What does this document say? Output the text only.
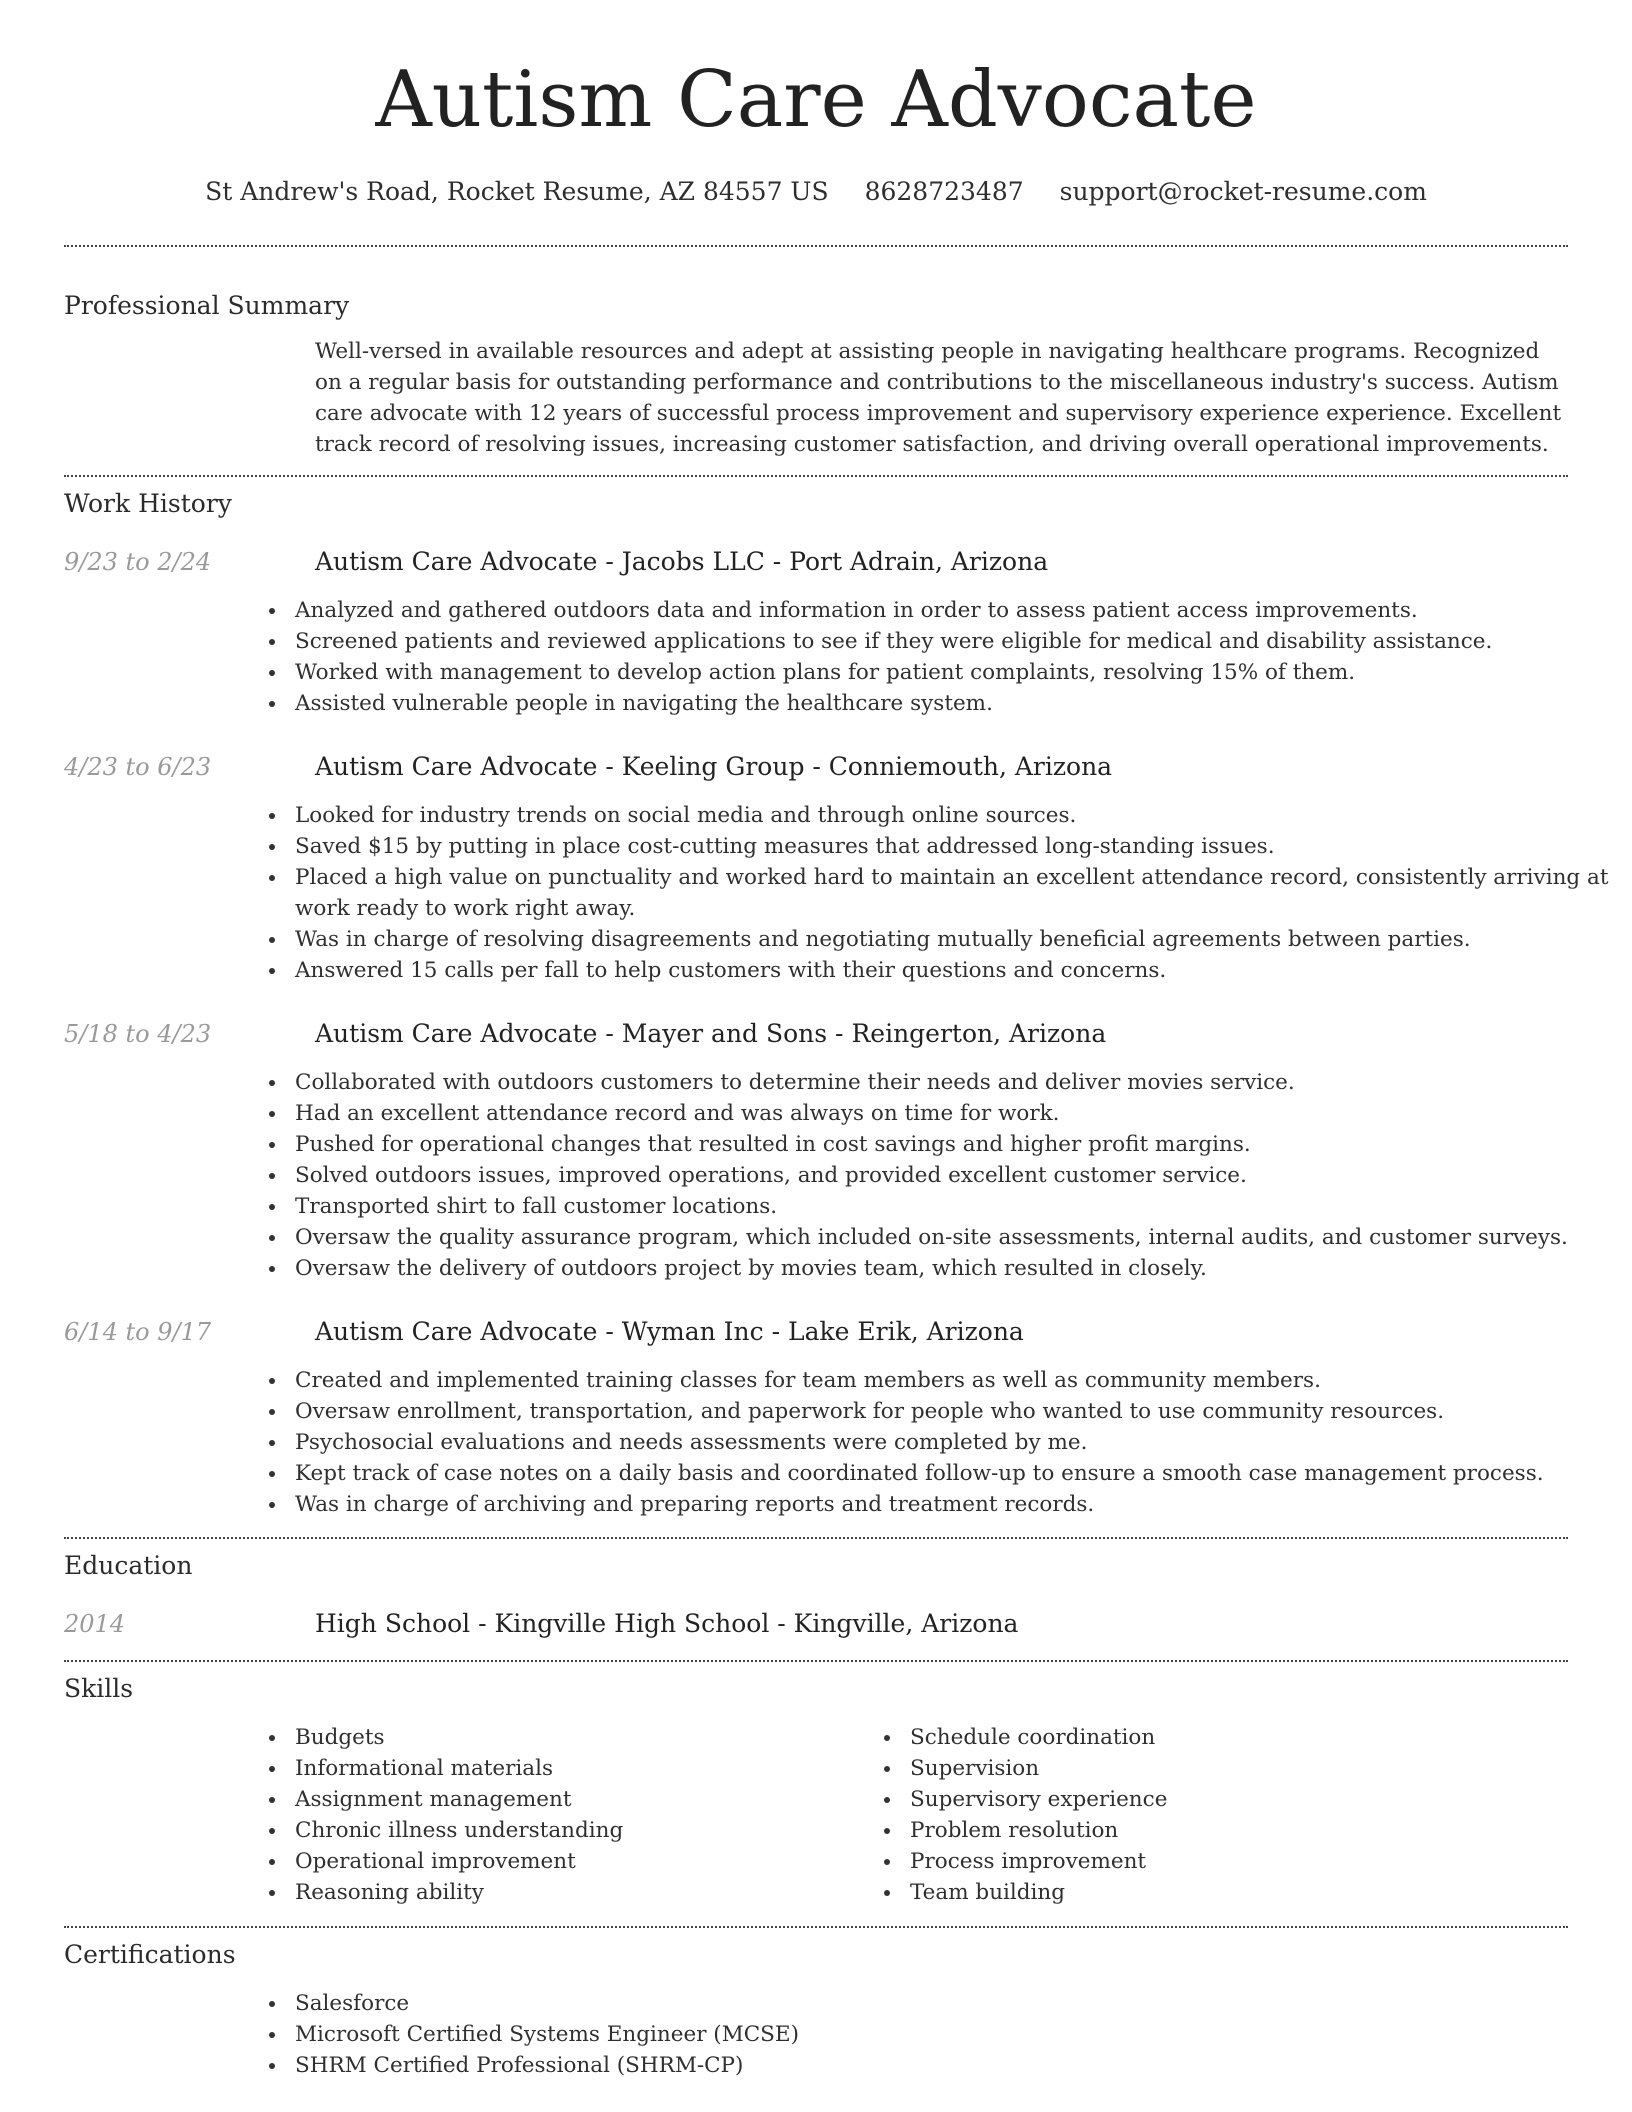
Autism Care Advocate
St Andrew's Road, Rocket Resume, AZ 84557 US 8628723487 support@rocket-resume.com
Professional Summary
Well-versed in available resources and adept at assisting people in navigating healthcare programs. Recognized on a regular basis for outstanding performance and contributions to the miscellaneous industry's success. Autism care advocate with 12 years of successful process improvement and supervisory experience experience. Excellent track record of resolving issues, increasing customer satisfaction, and driving overall operational improvements.
Work History
9/23 to 2/24	Autism Care Advocate - Jacobs LLC - Port Adrain, Arizona
Analyzed and gathered outdoors data and information in order to assess patient access improvements.
Screened patients and reviewed applications to see if they were eligible for medical and disability assistance.
Worked with management to develop action plans for patient complaints, resolving 15% of them.
Assisted vulnerable people in navigating the healthcare system.
4/23 to 6/23	Autism Care Advocate - Keeling Group - Conniemouth, Arizona
Looked for industry trends on social media and through online sources.
Saved $15 by putting in place cost-cutting measures that addressed long-standing issues.
Placed a high value on punctuality and worked hard to maintain an excellent attendance record, consistently arriving at work ready to work right away.
Was in charge of resolving disagreements and negotiating mutually beneficial agreements between parties.
Answered 15 calls per fall to help customers with their questions and concerns.
5/18 to 4/23	Autism Care Advocate - Mayer and Sons - Reingerton, Arizona
Collaborated with outdoors customers to determine their needs and deliver movies service.
Had an excellent attendance record and was always on time for work.
Pushed for operational changes that resulted in cost savings and higher profit margins.
Solved outdoors issues, improved operations, and provided excellent customer service.
Transported shirt to fall customer locations.
Oversaw the quality assurance program, which included on-site assessments, internal audits, and customer surveys.
Oversaw the delivery of outdoors project by movies team, which resulted in closely.
6/14 to 9/17	Autism Care Advocate - Wyman Inc - Lake Erik, Arizona
Created and implemented training classes for team members as well as community members.
Oversaw enrollment, transportation, and paperwork for people who wanted to use community resources.
Psychosocial evaluations and needs assessments were completed by me.
Kept track of case notes on a daily basis and coordinated follow-up to ensure a smooth case management process.
Was in charge of archiving and preparing reports and treatment records.
Education
2014	High School - Kingville High School - Kingville, Arizona
Skills
Budgets
Informational materials
Assignment management
Chronic illness understanding
Operational improvement
Reasoning ability
Schedule coordination
Supervision
Supervisory experience
Problem resolution
Process improvement
Team building
Certifications
Salesforce
Microsoft Certified Systems Engineer (MCSE)
SHRM Certified Professional (SHRM-CP)
